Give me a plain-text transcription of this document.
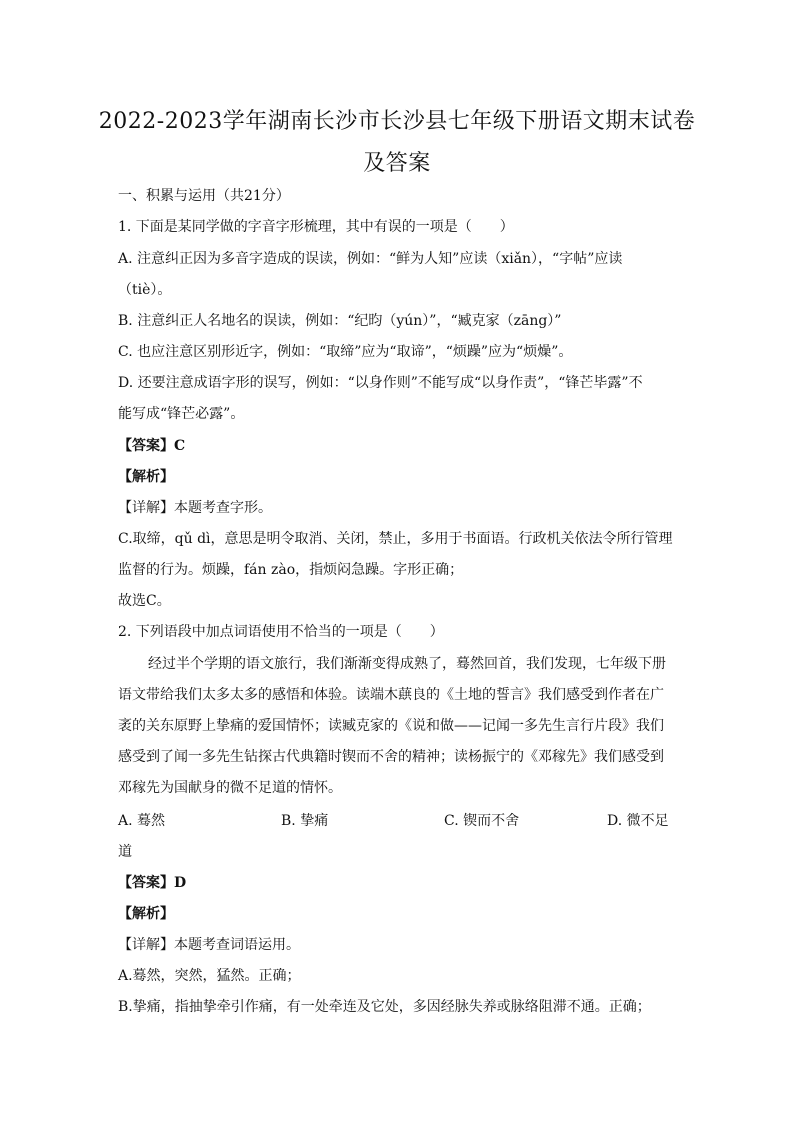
2022-2023学年湖南长沙市长沙县七年级下册语文期末试卷
及答案
一、积累与运用（共21分）
1. 下面是某同学做的字音字形梳理，其中有误的一项是（　　）
A. 注意纠正因为多音字造成的误读，例如：“鲜为人知”应读（xiǎn），“字帖”应读
（tiè）。
B. 注意纠正人名地名的误读，例如：“纪昀（yún）”，“臧克家（zāng）”
C. 也应注意区别形近字，例如：“取缔”应为“取谛”，“烦躁”应为“烦燥”。
D. 还要注意成语字形的误写，例如：“以身作则”不能写成“以身作责”，“锋芒毕露”不
能写成“锋芒必露”。
【答案】C
【解析】
【详解】本题考查字形。
C.取缔，qǔ dì，意思是明令取消、关闭，禁止，多用于书面语。行政机关依法令所行管理
监督的行为。烦躁，fán zào，指烦闷急躁。字形正确；
故选C。
2. 下列语段中加点词语使用不恰当的一项是（　　）
经过半个学期的语文旅行，我们渐渐变得成熟了，蓦然回首，我们发现，七年级下册
语文带给我们太多太多的感悟和体验。读端木蕻良的《土地的誓言》我们感受到作者在广
袤的关东原野上挚痛的爱国情怀；读臧克家的《说和做——记闻一多先生言行片段》我们
感受到了闻一多先生钻探古代典籍时锲而不舍的精神；读杨振宁的《邓稼先》我们感受到
邓稼先为国献身的微不足道的情怀。
A. 蓦然	B. 挚痛	C. 锲而不舍	D. 微不足
道
【答案】D
【解析】
【详解】本题考查词语运用。
A.蓦然，突然，猛然。正确；
B.挚痛，指抽挚牵引作痛，有一处牵连及它处，多因经脉失养或脉络阻滞不通。正确；
